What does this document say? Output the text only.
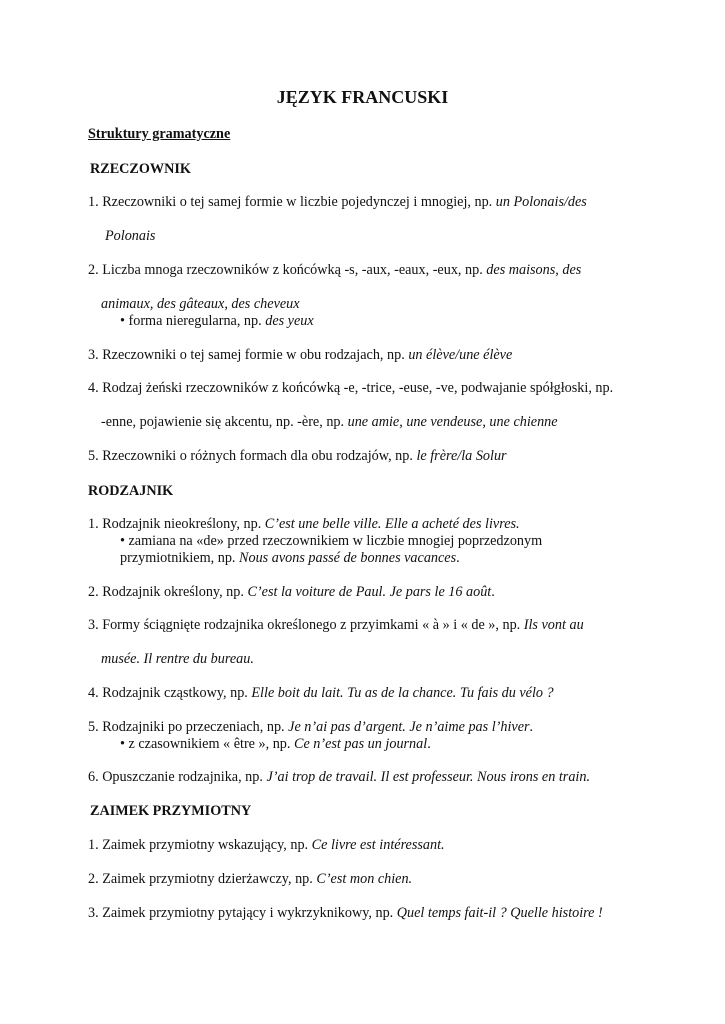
JĘZYK FRANCUSKI
Struktury gramatyczne
RZECZOWNIK
1. Rzeczowniki o tej samej formie w liczbie pojedynczej i mnogiej, np. un Polonais/des
Polonais
2. Liczba mnoga rzeczowników z końcówką -s, -aux, -eaux, -eux, np. des maisons, des
animaux, des gâteaux, des cheveux
• forma nieregularna, np. des yeux
3. Rzeczowniki o tej samej formie w obu rodzajach, np. un élève/une élève
4. Rodzaj żeński rzeczowników z końcówką -e, -trice, -euse, -ve, podwajanie spółgłoski, np.
-enne, pojawienie się akcentu, np. -ère, np. une amie, une vendeuse, une chienne
5. Rzeczowniki o różnych formach dla obu rodzajów, np. le frère/la Solur
RODZAJNIK
1. Rodzajnik nieokreślony, np. C’est une belle ville. Elle a acheté des livres.
• zamiana na «de» przed rzeczownikiem w liczbie mnogiej poprzedzonym
przymiotnikiem, np. Nous avons passé de bonnes vacances.
2. Rodzajnik określony, np. C’est la voiture de Paul. Je pars le 16 août.
3. Formy ściągnięte rodzajnika określonego z przyimkami « à » i « de », np. Ils vont au
musée. Il rentre du bureau.
4. Rodzajnik cząstkowy, np. Elle boit du lait. Tu as de la chance. Tu fais du vélo ?
5. Rodzajniki po przeczeniach, np. Je n’ai pas d’argent. Je n’aime pas l’hiver.
• z czasownikiem « être », np. Ce n’est pas un journal.
6. Opuszczanie rodzajnika, np. J’ai trop de travail. Il est professeur. Nous irons en train.
ZAIMEK PRZYMIOTNY
1. Zaimek przymiotny wskazujący, np. Ce livre est intéressant.
2. Zaimek przymiotny dzierżawczy, np. C’est mon chien.
3. Zaimek przymiotny pytający i wykrzyknikowy, np. Quel temps fait-il ? Quelle histoire !
